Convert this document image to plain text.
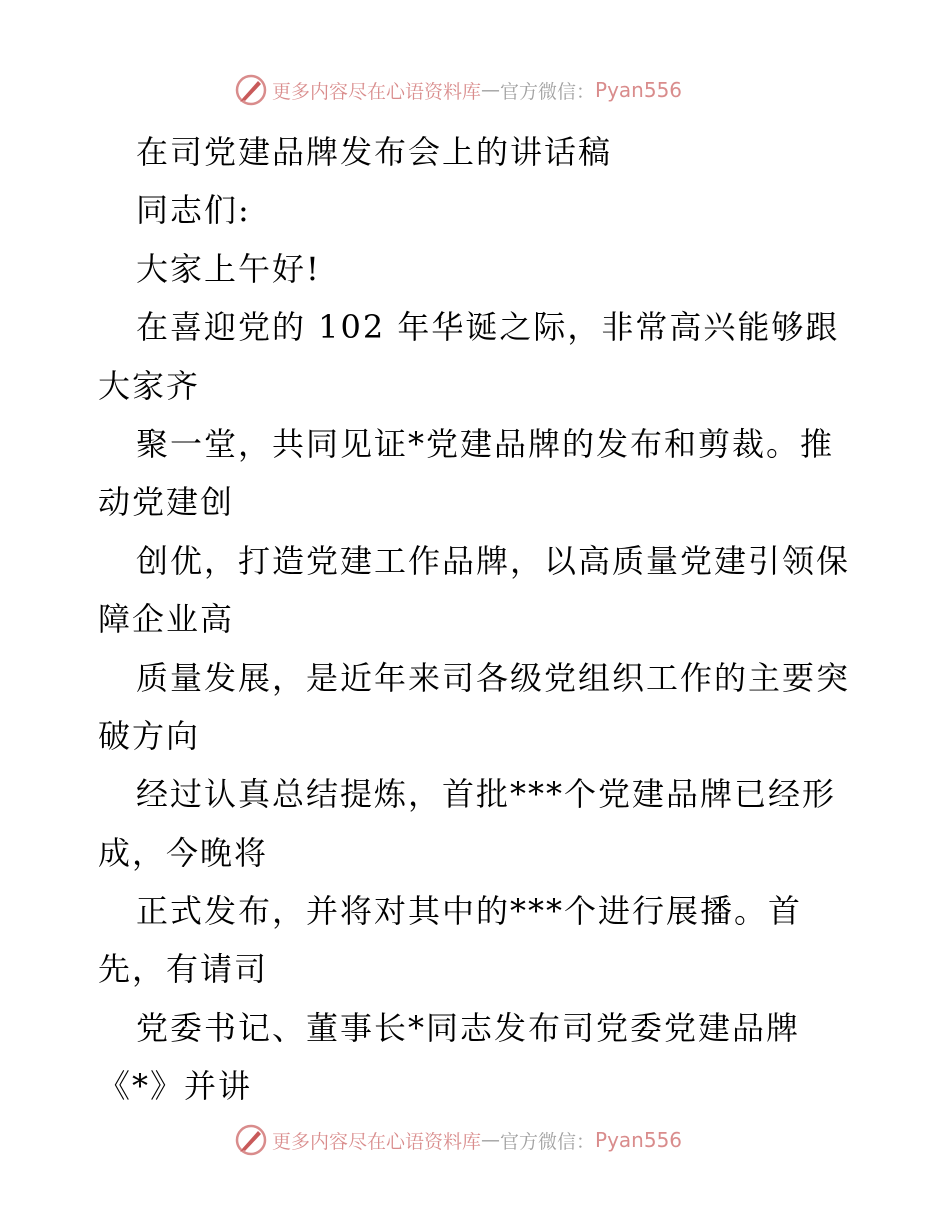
更多内容尽在心语资料库 — 官方微信： Pyan556
在司党建品牌发布会上的讲话稿
同志们:
大家上午好!
在喜迎党的 102 年华诞之际，非常高兴能够跟
大家齐
聚一堂，共同见证*党建品牌的发布和剪裁。推
动党建创
创优，打造党建工作品牌，以高质量党建引领保
障企业高
质量发展，是近年来司各级党组织工作的主要突
破方向
经过认真总结提炼，首批***个党建品牌已经形
成，今晚将
正式发布，并将对其中的***个进行展播。首
先，有请司
党委书记、董事长*同志发布司党委党建品牌
《*》并讲
更多内容尽在心语资料库 — 官方微信： Pyan556
